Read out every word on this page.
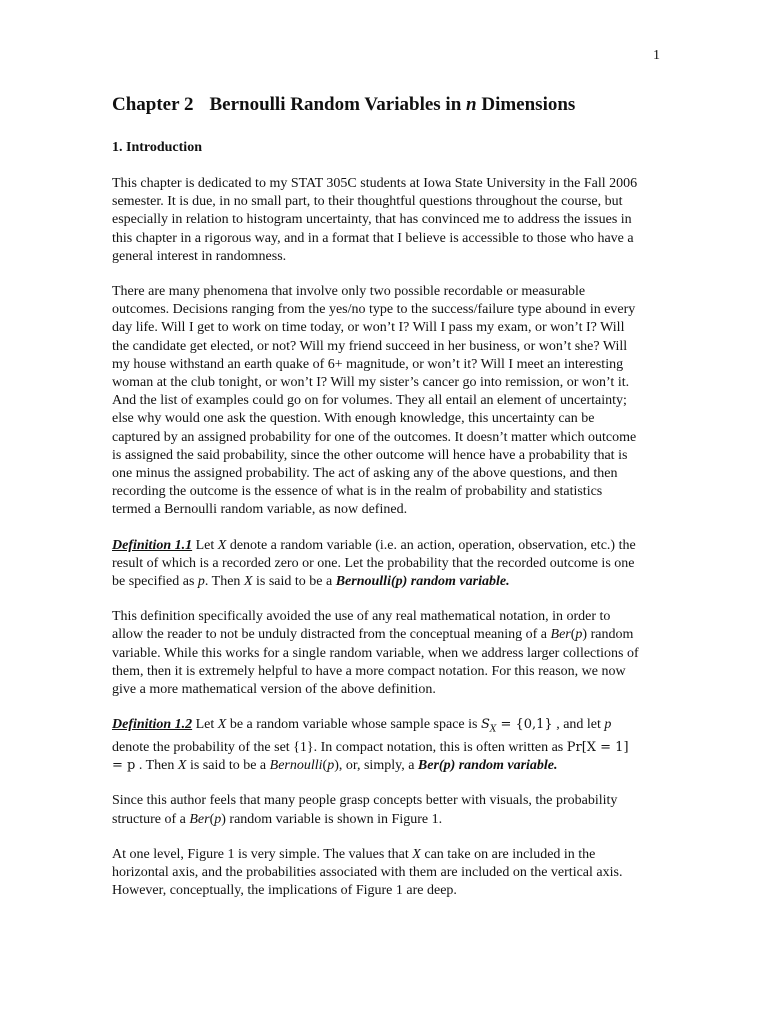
1
Chapter 2 Bernoulli Random Variables in n Dimensions
1. Introduction

This chapter is dedicated to my STAT 305C students at Iowa State University in the Fall 2006 semester. It is due, in no small part, to their thoughtful questions throughout the course, but especially in relation to histogram uncertainty, that has convinced me to address the issues in this chapter in a rigorous way, and in a format that I believe is accessible to those who have a general interest in randomness.

There are many phenomena that involve only two possible recordable or measurable outcomes. Decisions ranging from the yes/no type to the success/failure type abound in every day life. Will I get to work on time today, or won’t I? Will I pass my exam, or won’t I? Will the candidate get elected, or not? Will my friend succeed in her business, or won’t she? Will my house withstand an earth quake of 6+ magnitude, or won’t it? Will I meet an interesting woman at the club tonight, or won’t I? Will my sister’s cancer go into remission, or won’t it. And the list of examples could go on for volumes. They all entail an element of uncertainty; else why would one ask the question. With enough knowledge, this uncertainty can be captured by an assigned probability for one of the outcomes. It doesn’t matter which outcome is assigned the said probability, since the other outcome will hence have a probability that is one minus the assigned probability. The act of asking any of the above questions, and then recording the outcome is the essence of what is in the realm of probability and statistics termed a Bernoulli random variable, as now defined.

Definition 1.1 Let X denote a random variable (i.e. an action, operation, observation, etc.) the result of which is a recorded zero or one. Let the probability that the recorded outcome is one be specified as p. Then X is said to be a Bernoulli(p) random variable.

This definition specifically avoided the use of any real mathematical notation, in order to allow the reader to not be unduly distracted from the conceptual meaning of a Ber(p) random variable. While this works for a single random variable, when we address larger collections of them, then it is extremely helpful to have a more compact notation. For this reason, we now give a more mathematical version of the above definition.

Definition 1.2 Let X be a random variable whose sample space is $S_X = \{0,1\}$ , and let p denote the probability of the set {1}. In compact notation, this is often written as Pr[X = 1] = p . Then X is said to be a Bernoulli(p), or, simply, a Ber(p) random variable.

Since this author feels that many people grasp concepts better with visuals, the probability structure of a Ber(p) random variable is shown in Figure 1.

At one level, Figure 1 is very simple. The values that X can take on are included in the horizontal axis, and the probabilities associated with them are included on the vertical axis. However, conceptually, the implications of Figure 1 are deep.
